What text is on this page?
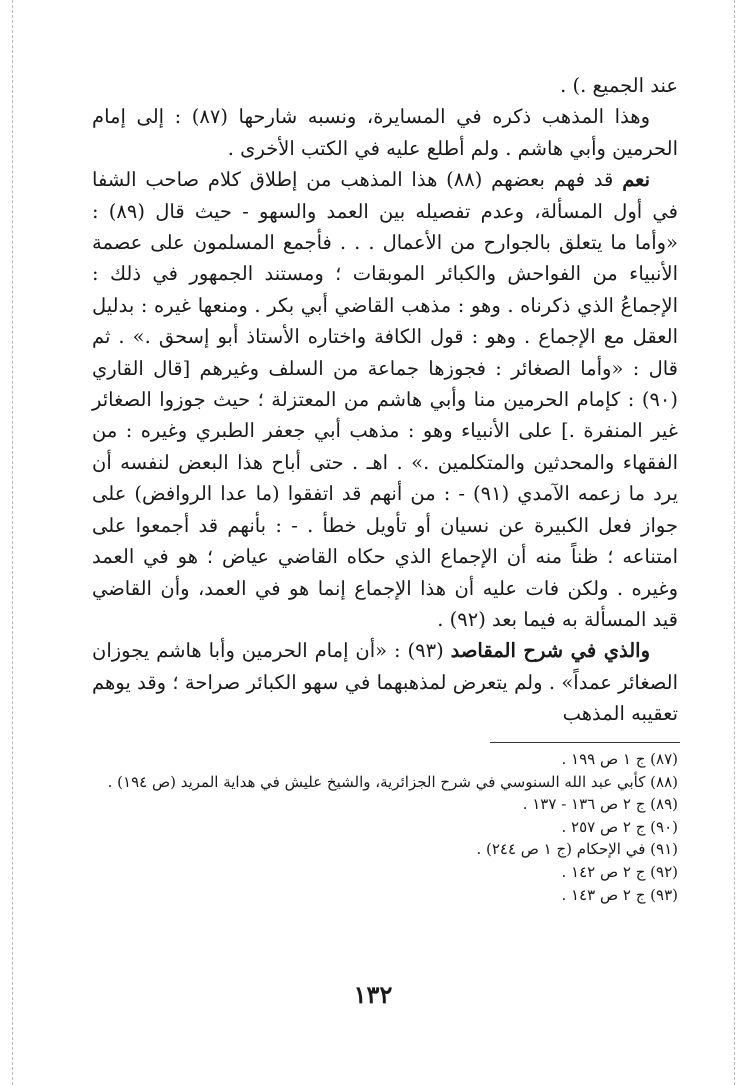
عند الجميع .) .

وهذا المذهب ذكره في المسايرة، ونسبه شارحها (٨٧) : إلى إمام الحرمين وأبي هاشم . ولم أطلع عليه في الكتب الأخرى .

نعم قد فهم بعضهم (٨٨) هذا المذهب من إطلاق كلام صاحب الشفا في أول المسألة، وعدم تفصيله بين العمد والسهو - حيث قال (٨٩) : «وأما ما يتعلق بالجوارح من الأعمال . . . فأجمع المسلمون على عصمة الأنبياء من الفواحش والكبائر الموبقات ؛ ومستند الجمهور في ذلك : الإجماعُ الذي ذكرناه . وهو : مذهب القاضي أبي بكر . ومنعها غيره : بدليل العقل مع الإجماع . وهو : قول الكافة واختاره الأستاذ أبو إسحق .» . ثم قال : «وأما الصغائر : فجوزها جماعة من السلف وغيرهم [قال القاري (٩٠) : كإمام الحرمين منا وأبي هاشم من المعتزلة ؛ حيث جوزوا الصغائر غير المنفرة .] على الأنبياء وهو : مذهب أبي جعفر الطبري وغيره : من الفقهاء والمحدثين والمتكلمين .» . اهـ . حتى أباح هذا البعض لنفسه أن يرد ما زعمه الآمدي (٩١) - : من أنهم قد اتفقوا (ما عدا الروافض) على جواز فعل الكبيرة عن نسيان أو تأويل خطأ . - : بأنهم قد أجمعوا على امتناعه ؛ ظناً منه أن الإجماع الذي حكاه القاضي عياض ؛ هو في العمد وغيره . ولكن فات عليه أن هذا الإجماع إنما هو في العمد، وأن القاضي قيد المسألة به فيما بعد (٩٢) .

والذي في شرح المقاصد (٩٣) : «أن إمام الحرمين وأبا هاشم يجوزان الصغائر عمداً» . ولم يتعرض لمذهبهما في سهو الكبائر صراحة ؛ وقد يوهم تعقيبه المذهب

(٨٧) ج ١ ص ١٩٩ .

(٨٨) كأبي عبد الله السنوسي في شرح الجزائرية، والشيخ عليش في هداية المريد (ص ١٩٤) .

(٨٩) ج ٢ ص ١٣٦ - ١٣٧ .

(٩٠) ج ٢ ص ٢٥٧ .

(٩١) في الإحكام (ج ١ ص ٢٤٤) .

(٩٢) ج ٢ ص ١٤٢ .

(٩٣) ج ٢ ص ١٤٣ .

١٣٢
